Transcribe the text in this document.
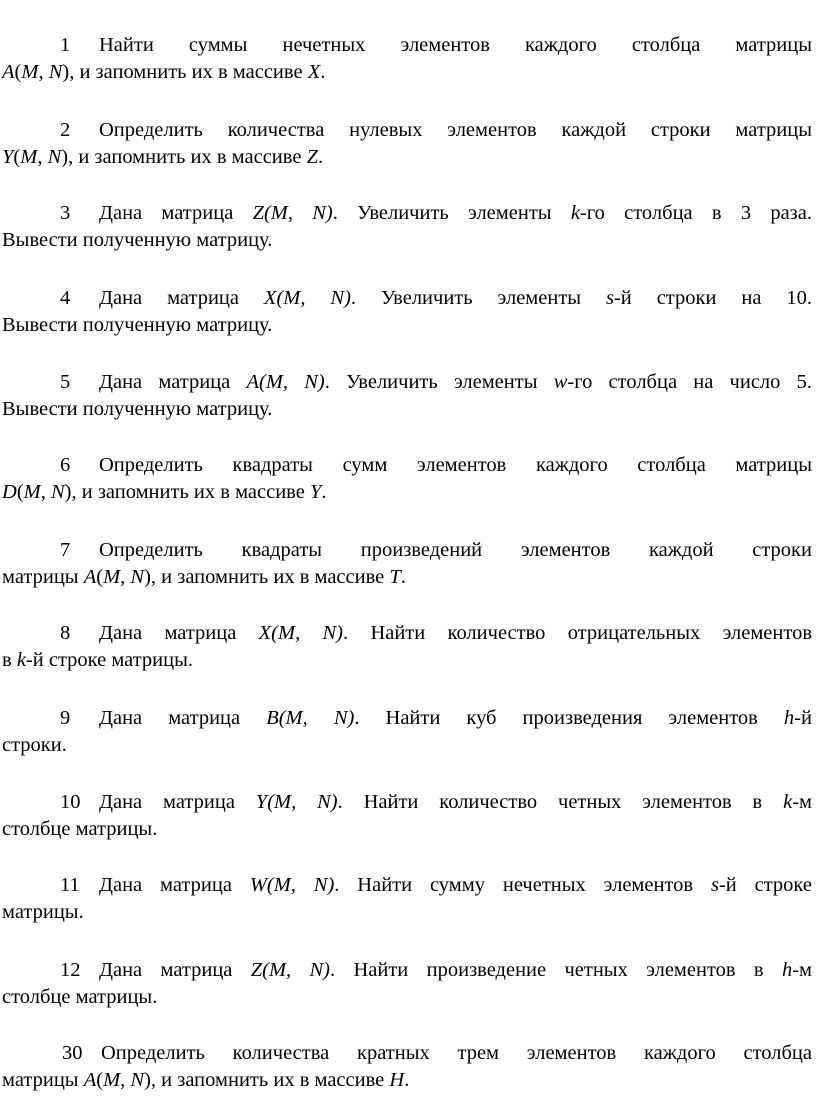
1 Найти суммы нечетных элементов каждого столбца матрицы
A(M, N), и запомнить их в массиве X.
2 Определить количества нулевых элементов каждой строки матрицы
Y(M, N), и запомнить их в массиве Z.
3 Дана матрица Z(M, N). Увеличить элементы k-го столбца в 3 раза.
Вывести полученную матрицу.
4 Дана матрица X(M, N). Увеличить элементы s-й строки на 10.
Вывести полученную матрицу.
5 Дана матрица A(M, N). Увеличить элементы w-го столбца на число 5.
Вывести полученную матрицу.
6 Определить квадраты сумм элементов каждого столбца матрицы
D(M, N), и запомнить их в массиве Y.
7 Определить квадраты произведений элементов каждой строки
матрицы A(M, N), и запомнить их в массиве T.
8 Дана матрица X(M, N). Найти количество отрицательных элементов
в k-й строке матрицы.
9 Дана матрица B(M, N). Найти куб произведения элементов h-й
строки.
10 Дана матрица Y(M, N). Найти количество четных элементов в k-м
столбце матрицы.
11 Дана матрица W(M, N). Найти сумму нечетных элементов s-й строке
матрицы.
12 Дана матрица Z(M, N). Найти произведение четных элементов в h-м
столбце матрицы.
30 Определить количества кратных трем элементов каждого столбца
матрицы A(M, N), и запомнить их в массиве H.
